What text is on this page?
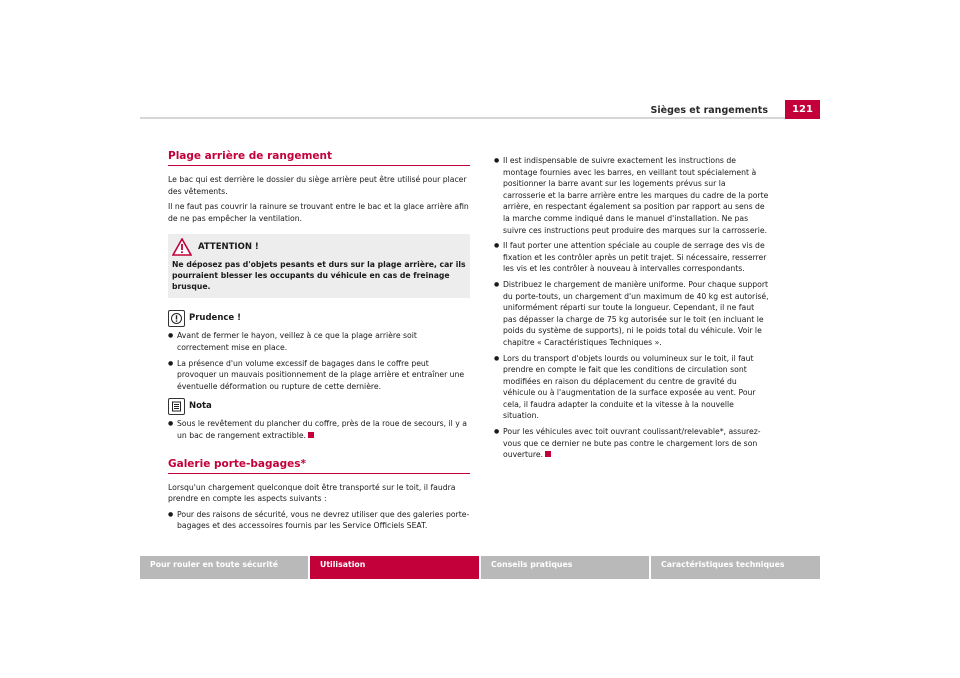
Sièges et rangements	121
Plage arrière de rangement

Le bac qui est derrière le dossier du siège arrière peut être utilisé pour placer des vêtements.

Il ne faut pas couvrir la rainure se trouvant entre le bac et la glace arrière afin de ne pas empêcher la ventilation.

ATTENTION !

Ne déposez pas d'objets pesants et durs sur la plage arrière, car ils pourraient blesser les occupants du véhicule en cas de freinage brusque.

Prudence !

● Avant de fermer le hayon, veillez à ce que la plage arrière soit correctement mise en place.

● La présence d'un volume excessif de bagages dans le coffre peut provoquer un mauvais positionnement de la plage arrière et entraîner une éventuelle déformation ou rupture de cette dernière.

Nota

● Sous le revêtement du plancher du coffre, près de la roue de secours, il y a un bac de rangement extractible.

Galerie porte-bagages*

Lorsqu'un chargement quelconque doit être transporté sur le toit, il faudra prendre en compte les aspects suivants :

● Pour des raisons de sécurité, vous ne devrez utiliser que des galeries porte-bagages et des accessoires fournis par les Service Officiels SEAT.

● Il est indispensable de suivre exactement les instructions de montage fournies avec les barres, en veillant tout spécialement à positionner la barre avant sur les logements prévus sur la carrosserie et la barre arrière entre les marques du cadre de la porte arrière, en respectant également sa position par rapport au sens de la marche comme indiqué dans le manuel d'installation. Ne pas suivre ces instructions peut produire des marques sur la carrosserie.

● Il faut porter une attention spéciale au couple de serrage des vis de fixation et les contrôler après un petit trajet. Si nécessaire, resserrer les vis et les contrôler à nouveau à intervalles correspondants.

● Distribuez le chargement de manière uniforme. Pour chaque support du porte-touts, un chargement d'un maximum de 40 kg est autorisé, uniformément réparti sur toute la longueur. Cependant, il ne faut pas dépasser la charge de 75 kg autorisée sur le toit (en incluant le poids du système de supports), ni le poids total du véhicule. Voir le chapitre « Caractéristiques Techniques ».

● Lors du transport d'objets lourds ou volumineux sur le toit, il faut prendre en compte le fait que les conditions de circulation sont modifiées en raison du déplacement du centre de gravité du véhicule ou à l'augmentation de la surface exposée au vent. Pour cela, il faudra adapter la conduite et la vitesse à la nouvelle situation.

● Pour les véhicules avec toit ouvrant coulissant/relevable*, assurez-vous que ce dernier ne bute pas contre le chargement lors de son ouverture.

Pour rouler en toute sécurité	Utilisation	Conseils pratiques	Caractéristiques techniques
